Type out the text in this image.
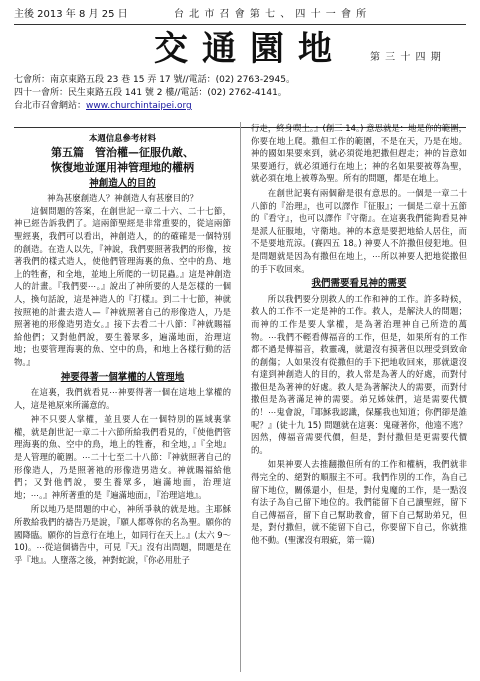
主後 2013 年 8 月 25 日	台 北 市 召 會 第 七 、 四 十 一 會 所
交通園地	第 三 十 四 期
七會所：南京東路五段 23 巷 15 弄 17 號//電話：(02) 2763-2945。
四十一會所：民生東路五段 141 號 2 樓//電話：(02) 2762-4141。
台北市召會網站：www.churchintaipei.org
本週信息參考材料
第五篇　管治權—征服仇敵、
恢復地並運用神管理地的權柄
神創造人的目的
神為甚麼創造人？神創造人有甚麼目的？

這個問題的答案，在創世記一章二十六、二十七節，神已經告訴我們了。這兩節聖經是非常重要的，從這兩節聖經裏，我們可以看出，神創造人，的的確確是一個特別的創造。在造人以先，『神說，我們要照著我們的形像，按著我們的樣式造人，使他們管理海裏的魚、空中的鳥、地上的牲畜，和全地，並地上所爬的一切昆蟲。』這是神創造人的計畫。『我們要⋯。』說出了神所要的人是怎樣的一個人，換句話說，這是神造人的『打樣』。到二十七節，神就按照祂的計畫去造人—『神就照著自己的形像造人，乃是照著祂的形像造男造女。』接下去看二十八節：『神就賜福給他們；又對他們說，要生養眾多，遍滿地面，治理這地；也要管理海裏的魚、空中的鳥，和地上各樣行動的活物。』

神要得著一個掌權的人管理地

在這裏，我們就看見⋯神要得著一個在這地上掌權的人，這是祂原來所滿意的。

神不只要人掌權，並且要人在一個特別的區域裏掌權，就是創世記一章二十六節所給我們看見的，『使他們管理海裏的魚、空中的鳥，地上的牲畜，和全地，』『全地』是人管理的範圍。⋯二十七至二十八節：『神就照著自己的形像造人，乃是照著祂的形像造男造女。神就賜福給他們；又對他們說，要生養眾多，遍滿地面，治理這地；⋯。』神所著重的是『遍滿地面』，『治理這地』。

所以地乃是問題的中心，神所爭執的就是地。主耶穌所教給我們的禱告乃是說，『願人都尊你的名為聖。願你的國降臨。願你的旨意行在地上，如同行在天上。』(太六 9～10)。⋯從這個禱告中，可見『天』沒有出問題，問題是在乎『地』。人墮落之後，神對蛇說，『你必用肚子

行走，終身喫土。』(創三 14。) 意思就是：地是你的範圍，你要在地上爬。撒但工作的範圍，不是在天，乃是在地。神的國如果要來到，就必須從地把撒但趕走；神的旨意如果要通行，就必須通行在地上；神的名如果要被尊為聖，就必須在地上被尊為聖。所有的問題，都是在地上。

在創世記裏有兩個辭是很有意思的。一個是一章二十八節的『治理』，也可以譯作『征服』；一個是二章十五節的『看守』，也可以譯作『守衛』。在這裏我們能夠看見神是派人征服地，守衛地。神的本意是要把地給人居住，而不是要地荒涼。(賽四五 18。) 神要人不許撒但侵犯地。但是問題就是因為有撒但在地上，⋯所以神要人把地從撒但的手下收回來。

我們需要看見神的需要

所以我們要分別救人的工作和神的工作。許多時候，救人的工作不一定是神的工作。救人，是解決人的問題；而神的工作是要人掌權，是為著治理神自己所造的萬物。⋯我們不輕看傳福音的工作，但是，如果所有的工作都不過是傳福音，救靈魂，就還沒有摸著但以理受到致命的創傷；人如果沒有從撒但的手下把地收回來，那就還沒有達到神創造人的目的，救人常是為著人的好處，而對付撒但是為著神的好處。救人是為著解決人的需要，而對付撒但是為著滿足神的需要。弟兄姊妹們，這是需要代價的！⋯鬼會說，『耶穌我認識，保羅我也知道；你們卻是誰呢？』(徒十九 15) 問題就在這裏：鬼碰著你，他遠不逃？因然，傳福音需要代價，但是，對付撒但是更需要代價的。

如果神要人去推翻撒但所有的工作和權柄，我們就非得完全的、絕對的順服主不可。我們作別的工作，為自己留下地位，關係還小，但是，對付鬼魔的工作，是一點沒有法子為自己留下地位的。我們能留下自己讀聖經，留下自己傳福音，留下自己幫助教會，留下自己幫助弟兄，但是，對付撒但，就不能留下自己，你要留下自己，你就推他不動。(聖潔沒有瑕疵，第一篇)
